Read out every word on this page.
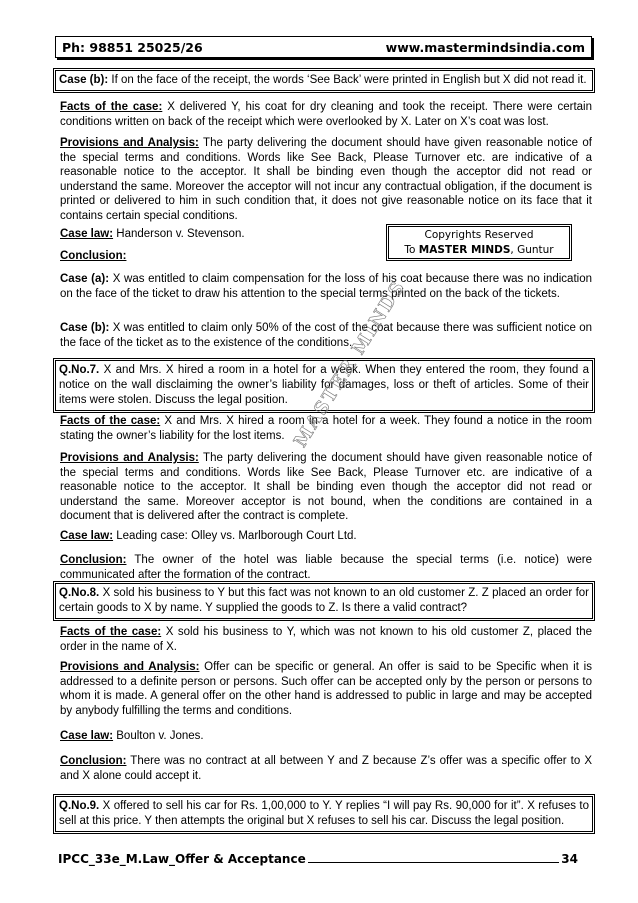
Ph: 98851 25025/26	www.mastermindsindia.com
Case (b): If on the face of the receipt, the words ‘See Back’ were printed in English but X did not read it.

Facts of the case: X delivered Y, his coat for dry cleaning and took the receipt. There were certain conditions written on back of the receipt which were overlooked by X. Later on X’s coat was lost.

Provisions and Analysis: The party delivering the document should have given reasonable notice of the special terms and conditions. Words like See Back, Please Turnover etc. are indicative of a reasonable notice to the acceptor. It shall be binding even though the acceptor did not read or understand the same. Moreover the acceptor will not incur any contractual obligation, if the document is printed or delivered to him in such condition that, it does not give reasonable notice on its face that it contains certain special conditions.

Case law: Handerson v. Stevenson.	Copyrights Reserved
To MASTER MINDS, Guntur

Conclusion:

Case (a): X was entitled to claim compensation for the loss of his coat because there was no indication on the face of the ticket to draw his attention to the special terms printed on the back of the tickets.

Case (b): X was entitled to claim only 50% of the cost of the coat because there was sufficient notice on the face of the ticket as to the existence of the conditions.

Q.No.7. X and Mrs. X hired a room in a hotel for a week. When they entered the room, they found a notice on the wall disclaiming the owner’s liability for damages, loss or theft of articles. Some of their items were stolen. Discuss the legal position.

Facts of the case: X and Mrs. X hired a room in a hotel for a week. They found a notice in the room stating the owner’s liability for the lost items.

Provisions and Analysis: The party delivering the document should have given reasonable notice of the special terms and conditions. Words like See Back, Please Turnover etc. are indicative of a reasonable notice to the acceptor. It shall be binding even though the acceptor did not read or understand the same. Moreover acceptor is not bound, when the conditions are contained in a document that is delivered after the contract is complete.

Case law: Leading case: Olley vs. Marlborough Court Ltd.

Conclusion: The owner of the hotel was liable because the special terms (i.e. notice) were communicated after the formation of the contract.

Q.No.8. X sold his business to Y but this fact was not known to an old customer Z. Z placed an order for certain goods to X by name. Y supplied the goods to Z. Is there a valid contract?

Facts of the case: X sold his business to Y, which was not known to his old customer Z, placed the order in the name of X.

Provisions and Analysis: Offer can be specific or general. An offer is said to be Specific when it is addressed to a definite person or persons. Such offer can be accepted only by the person or persons to whom it is made. A general offer on the other hand is addressed to public in large and may be accepted by anybody fulfilling the terms and conditions.

Case law: Boulton v. Jones.

Conclusion: There was no contract at all between Y and Z because Z’s offer was a specific offer to X and X alone could accept it.

Q.No.9. X offered to sell his car for Rs. 1,00,000 to Y. Y replies “I will pay Rs. 90,000 for it”. X refuses to sell at this price. Y then attempts the original but X refuses to sell his car. Discuss the legal position.
MASTER MINDS
IPCC_33e_M.Law_Offer & Acceptance	34
